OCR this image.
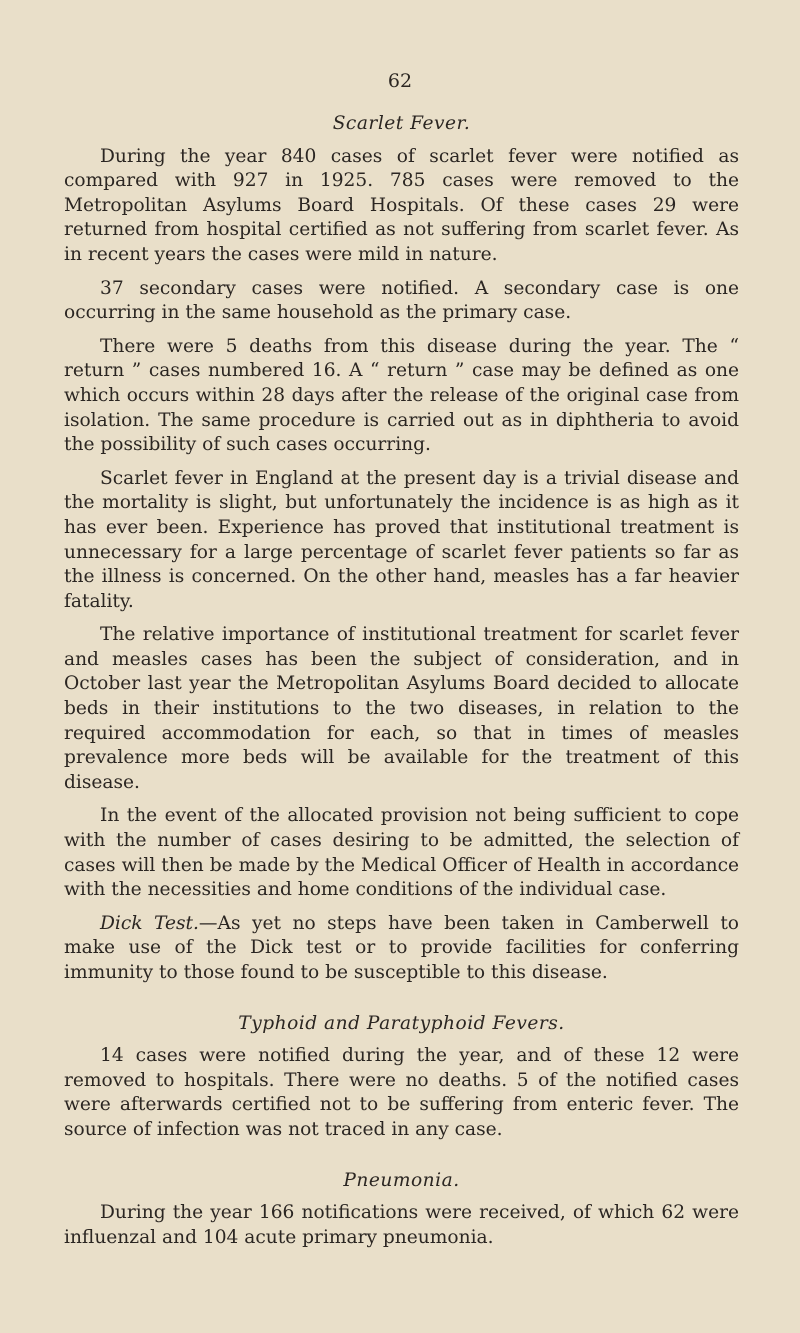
62
Scarlet Fever.

During the year 840 cases of scarlet fever were notified as compared with 927 in 1925. 785 cases were removed to the Metropolitan Asylums Board Hospitals. Of these cases 29 were returned from hospital certified as not suffering from scarlet fever. As in recent years the cases were mild in nature.

37 secondary cases were notified. A secondary case is one occurring in the same household as the primary case.

There were 5 deaths from this disease during the year. The “ return ” cases numbered 16. A “ return ” case may be defined as one which occurs within 28 days after the release of the original case from isolation. The same procedure is carried out as in diphtheria to avoid the possibility of such cases occurring.

Scarlet fever in England at the present day is a trivial disease and the mortality is slight, but unfortunately the incidence is as high as it has ever been. Experience has proved that institutional treatment is unnecessary for a large percentage of scarlet fever patients so far as the illness is concerned. On the other hand, measles has a far heavier fatality.

The relative importance of institutional treatment for scarlet fever and measles cases has been the subject of consideration, and in October last year the Metropolitan Asylums Board decided to allocate beds in their institutions to the two diseases, in relation to the required accommodation for each, so that in times of measles prevalence more beds will be available for the treatment of this disease.

In the event of the allocated provision not being sufficient to cope with the number of cases desiring to be admitted, the selection of cases will then be made by the Medical Officer of Health in accordance with the necessities and home conditions of the individual case.

Dick Test.—As yet no steps have been taken in Camberwell to make use of the Dick test or to provide facilities for conferring immunity to those found to be susceptible to this disease.

Typhoid and Paratyphoid Fevers.

14 cases were notified during the year, and of these 12 were removed to hospitals. There were no deaths. 5 of the notified cases were afterwards certified not to be suffering from enteric fever. The source of infection was not traced in any case.

Pneumonia.

During the year 166 notifications were received, of which 62 were influenzal and 104 acute primary pneumonia.
